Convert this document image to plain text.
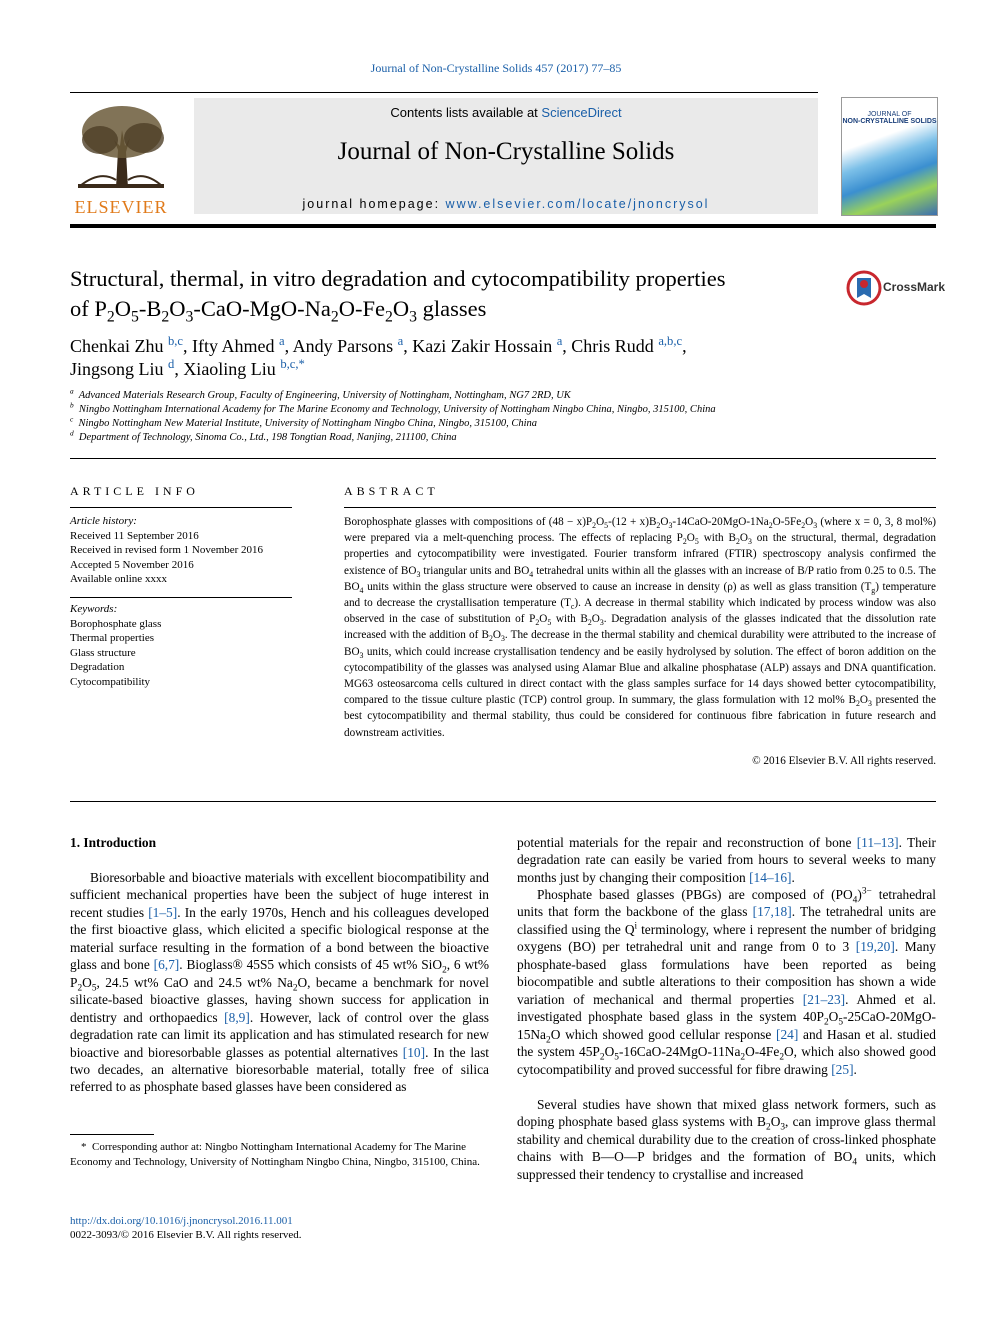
Journal of Non-Crystalline Solids 457 (2017) 77–85
ELSEVIER
Contents lists available at ScienceDirect
Journal of Non-Crystalline Solids
journal homepage: www.elsevier.com/locate/jnoncrysol
JOURNAL OF
NON-CRYSTALLINE SOLIDS
Structural, thermal, in vitro degradation and cytocompatibility properties
of $P_2O_5-B_2O_3-CaO-MgO-Na_2O-Fe_2O_3$ glasses
CrossMark
Chenkai Zhu $^{b,c}$, Ifty Ahmed $^a$, Andy Parsons $^a$, Kazi Zakir Hossain $^a$, Chris Rudd $^{a,b,c}$,
Jingsong Liu $^d$, Xiaoling Liu $^{b,c,*}$
$^a$ Advanced Materials Research Group, Faculty of Engineering, University of Nottingham, Nottingham, NG7 2RD, UK
$^b$ Ningbo Nottingham International Academy for The Marine Economy and Technology, University of Nottingham Ningbo China, Ningbo, 315100, China
$^c$ Ningbo Nottingham New Material Institute, University of Nottingham Ningbo China, Ningbo, 315100, China
$^d$ Department of Technology, Sinoma Co., Ltd., 198 Tongtian Road, Nanjing, 211100, China
ARTICLE INFO
Article history:
Received 11 September 2016
Received in revised form 1 November 2016
Accepted 5 November 2016
Available online xxxx
Keywords:
Borophosphate glass
Thermal properties
Glass structure
Degradation
Cytocompatibility
ABSTRACT
Borophosphate glasses with compositions of $(48 - x)P_2O_5-(12 + x)B_2O_3-14CaO-20MgO-1Na_2O-5Fe_2O_3$ (where x = 0, 3, 8 mol%) were prepared via a melt-quenching process. The effects of replacing $P_2O_5$ with $B_2O_3$ on the structural, thermal, degradation properties and cytocompatibility were investigated. Fourier transform infrared (FTIR) spectroscopy analysis confirmed the existence of $BO_3$ triangular units and $BO_4$ tetrahedral units within all the glasses with an increase of B/P ratio from 0.25 to 0.5. The $BO_4$ units within the glass structure were observed to cause an increase in density (ρ) as well as glass transition $(T_g)$ temperature and to decrease the crystallisation temperature $(T_c)$. A decrease in thermal stability which indicated by process window was also observed in the case of substitution of $P_2O_5$ with $B_2O_3$. Degradation analysis of the glasses indicated that the dissolution rate increased with the addition of $B_2O_3$. The decrease in the thermal stability and chemical durability were attributed to the increase of $BO_3$ units, which could increase crystallisation tendency and be easily hydrolysed by solution. The effect of boron addition on the cytocompatibility of the glasses was analysed using Alamar Blue and alkaline phosphatase (ALP) assays and DNA quantification. MG63 osteosarcoma cells cultured in direct contact with the glass samples surface for 14 days showed better cytocompatibility, compared to the tissue culture plastic (TCP) control group. In summary, the glass formulation with 12 mol% $B_2O_3$ presented the best cytocompatibility and thermal stability, thus could be considered for continuous fibre fabrication in future research and downstream activities.
© 2016 Elsevier B.V. All rights reserved.
1. Introduction
Bioresorbable and bioactive materials with excellent biocompatibility and sufficient mechanical properties have been the subject of huge interest in recent studies [1–5]. In the early 1970s, Hench and his colleagues developed the first bioactive glass, which elicited a specific biological response at the material surface resulting in the formation of a bond between the bioactive glass and bone [6,7]. Bioglass® 45S5 which consists of 45 wt% SiO$_2$, 6 wt% $P_2O_5$, 24.5 wt% CaO and 24.5 wt% $Na_2O$, became a benchmark for novel silicate-based bioactive glasses, having shown success for application in dentistry and orthopaedics [8,9]. However, lack of control over the glass degradation rate can limit its application and has stimulated research for new bioactive and bioresorbable glasses as potential alternatives [10]. In the last two decades, an alternative bioresorbable material, totally free of silica referred to as phosphate based glasses have been considered as
*  Corresponding author at: Ningbo Nottingham International Academy for The Marine Economy and Technology, University of Nottingham Ningbo China, Ningbo, 315100, China.
potential materials for the repair and reconstruction of bone [11–13]. Their degradation rate can easily be varied from hours to several weeks to many months just by changing their composition [14–16].
Phosphate based glasses (PBGs) are composed of $(PO_4)^{3-}$ tetrahedral units that form the backbone of the glass [17,18]. The tetrahedral units are classified using the $Q^i$ terminology, where i represent the number of bridging oxygens (BO) per tetrahedral unit and range from 0 to 3 [19,20]. Many phosphate-based glass formulations have been reported as being biocompatible and subtle alterations to their composition has shown a wide variation of mechanical and thermal properties [21–23]. Ahmed et al. investigated phosphate based glass in the system $40P_2O_5-25CaO-20MgO-15Na_2O$ which showed good cellular response [24] and Hasan et al. studied the system $45P_2O_5-16CaO-24MgO-11Na_2O-4Fe_2O$, which also showed good cytocompatibility and proved successful for fibre drawing [25].
Several studies have shown that mixed glass network formers, such as doping phosphate based glass systems with $B_2O_3$, can improve glass thermal stability and chemical durability due to the creation of cross-linked phosphate chains with B—O—P bridges and the formation of $BO_4$ units, which suppressed their tendency to crystallise and increased
http://dx.doi.org/10.1016/j.jnoncrysol.2016.11.001
0022-3093/© 2016 Elsevier B.V. All rights reserved.
